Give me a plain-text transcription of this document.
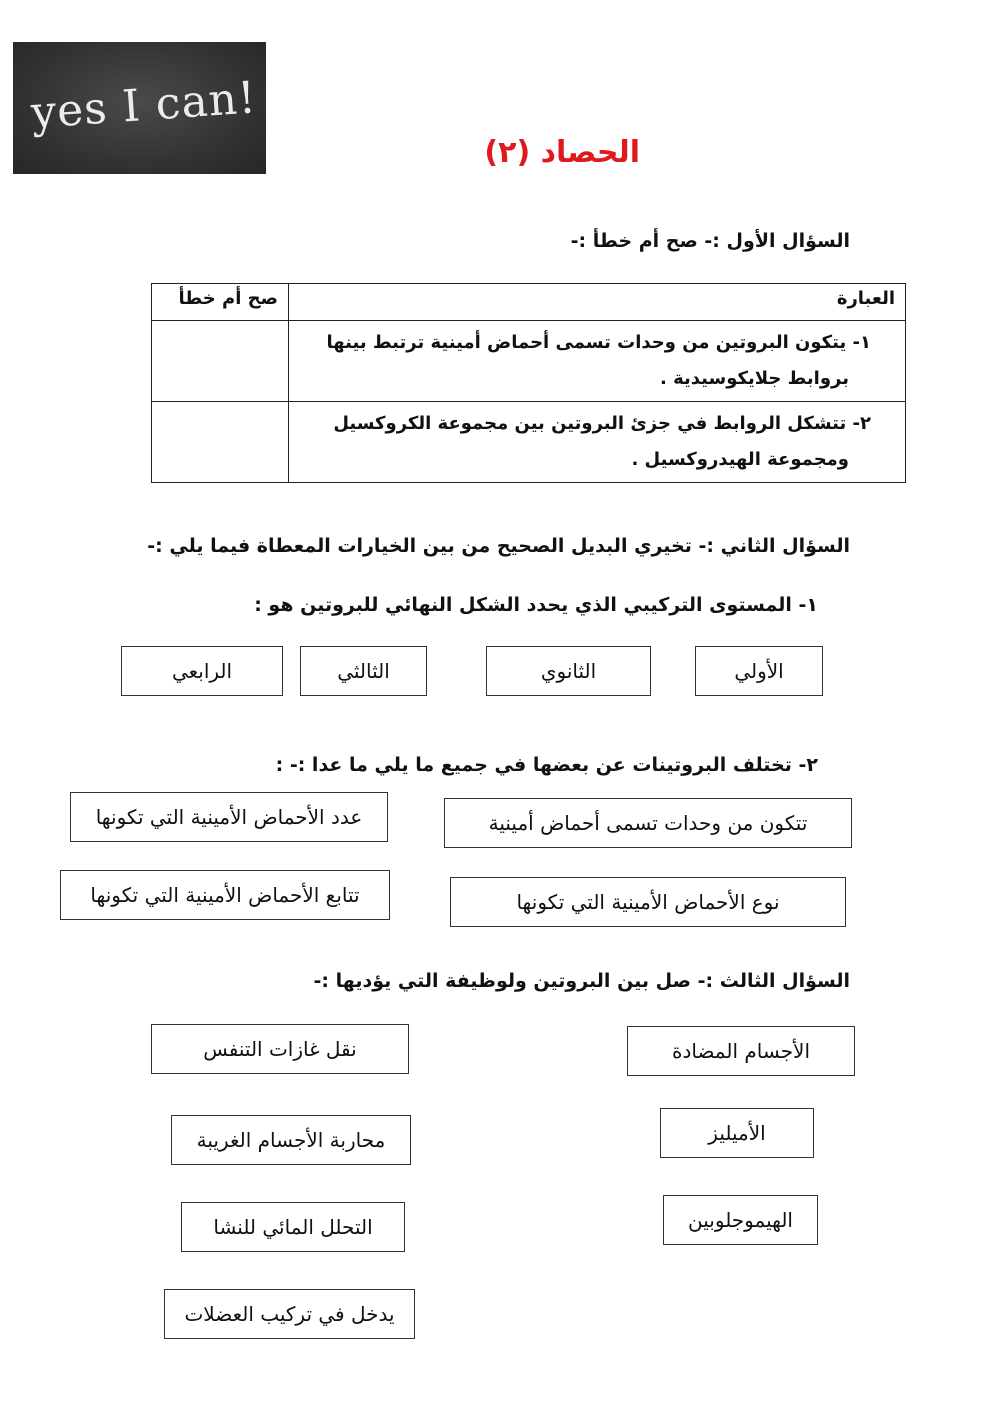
yes I can!
الحصاد (٢)
السؤال الأول :- صح أم خطأ :-
العبارة	صح أم خطأ

١- يتكون البروتين من وحدات تسمى أحماض أمينية ترتبط بينها
بروابط جلايكوسيدية .	

٢- تتشكل الروابط في جزئ البروتين بين مجموعة الكروكسيل
ومجموعة الهيدروكسيل .	

السؤال الثاني :- تخيري البديل الصحيح من بين الخيارات المعطاة فيما يلي :-
١- المستوى التركيبي الذي يحدد الشكل النهائي للبروتين هو :
الأولي
الثانوي
الثالثي
الرابعي
٢- تختلف البروتينات عن بعضها في جميع ما يلي ما عدا :- :
تتكون من وحدات تسمى أحماض أمينية
عدد الأحماض الأمينية التي تكونها
نوع الأحماض الأمينية التي تكونها
تتابع الأحماض الأمينية التي تكونها
السؤال الثالث :- صل بين البروتين ولوظيفة التي يؤديها :-
الأجسام المضادة
الأميليز
الهيموجلوبين
نقل غازات التنفس
محاربة الأجسام الغريبة
التحلل المائي للنشا
يدخل في تركيب العضلات
